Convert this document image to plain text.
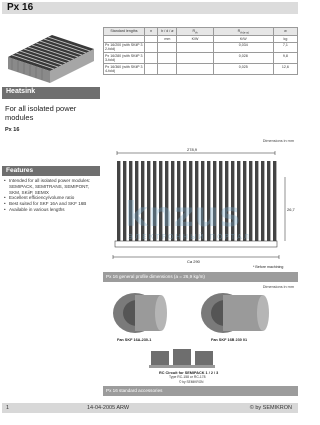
Px 16
Heatsink
For all isolated power modules
Px 16
Features
• Intended for all isolated power modules: SEMIPACK, SEMITRANS, SEMIPONT, SKM, SKiiP, SEMIX
• Excellent efficiency/volume ratio
• Best suited for SKF 16A and SKF 16B
• Available in various lengths
Standard lengths	n	b / d / ø	$R_{th}$	$R_{th(s-a)}$	w
		mm	K/W	K/W	kg
Px 16/200 (with SKiiP 3 2-fold)				0,034	7,1
Px 16/280 (with SKiiP 3 3-fold)				0,028	9,8
Px 16/360 (with SKiiP 3 4-fold)				0,025	12,6
Dimensions in mm
278,9
Ca 290
26,7
* Before machining
Px 16 general profile dimensions (a = 26,9 kg/m)
Dimensions in mm
Fan SKF 16A-230-1	Fan SKF 16B 230 01
RC Circuit for SEMIPACK 1 / 2 / 3
Type RC-158 or RC-178
© by SEMIKRON
Px 16 standard accessories
knzus
ЭЛЕКТРОННЫЙ ПОРТАЛ
1	14-04-2005 ARW	© by SEMIKRON
